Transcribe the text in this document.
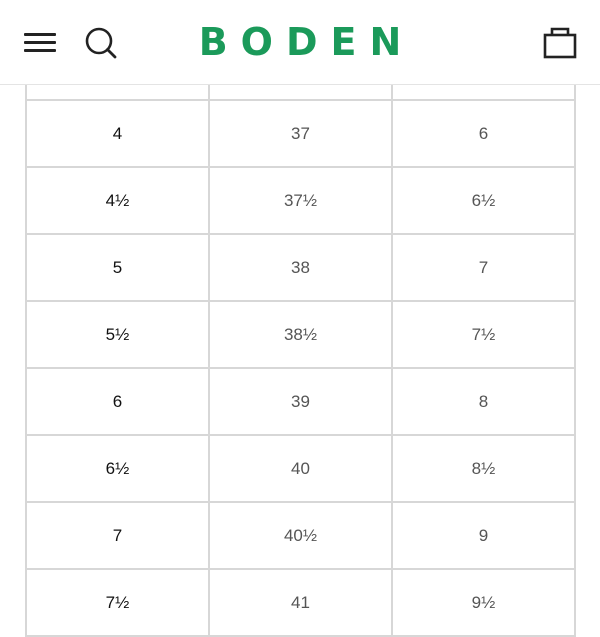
BODEN

4	37	6
4½	37½	6½
5	38	7
5½	38½	7½
6	39	8
6½	40	8½
7	40½	9
7½	41	9½
